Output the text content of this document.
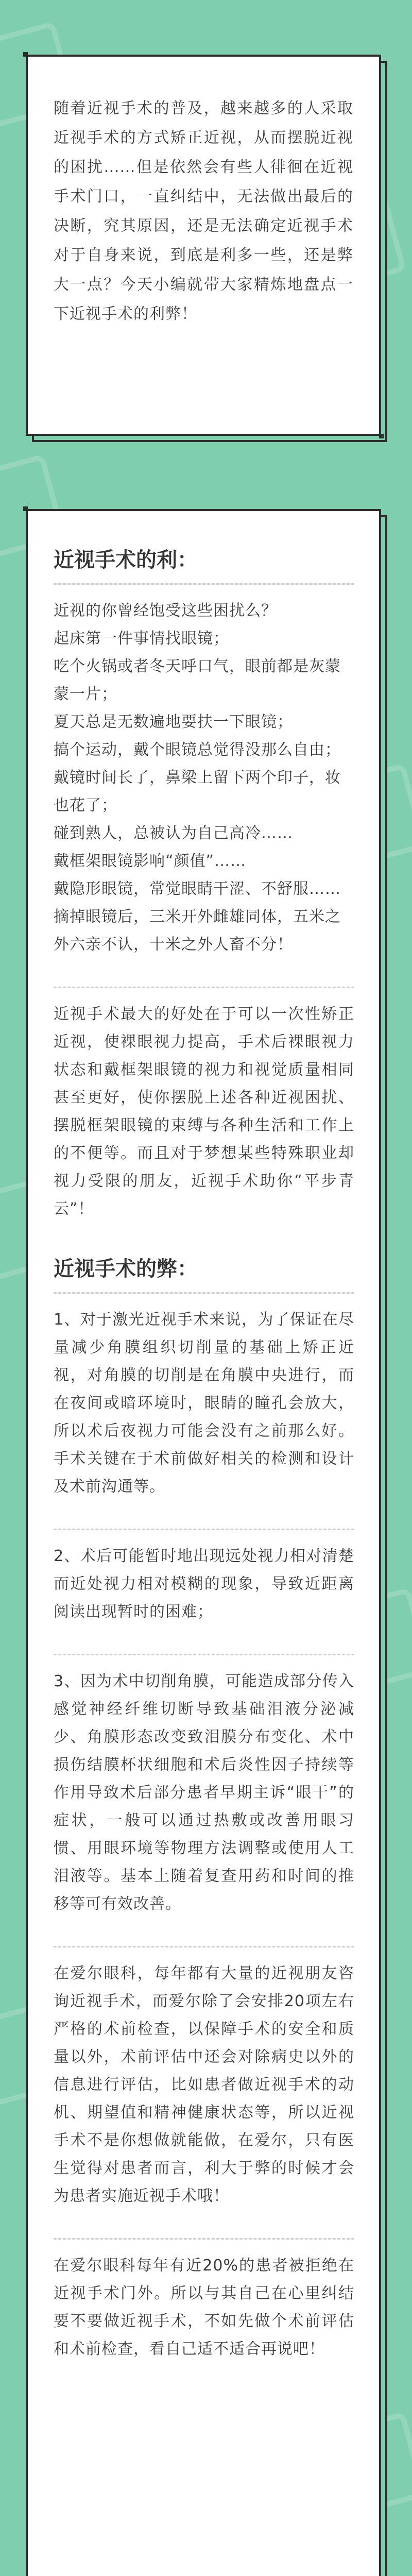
随着近视手术的普及，越来越多的人采取近视手术的方式矫正近视，从而摆脱近视的困扰……但是依然会有些人徘徊在近视手术门口，一直纠结中，无法做出最后的决断，究其原因，还是无法确定近视手术对于自身来说，到底是利多一些，还是弊大一点？今天小编就带大家精炼地盘点一下近视手术的利弊！

近视手术的利：

近视的你曾经饱受这些困扰么？

起床第一件事情找眼镜；

吃个火锅或者冬天呼口气，眼前都是灰蒙蒙一片；

夏天总是无数遍地要扶一下眼镜；

搞个运动，戴个眼镜总觉得没那么自由；

戴镜时间长了，鼻梁上留下两个印子，妆也花了；

碰到熟人，总被认为自己高冷……

戴框架眼镜影响“颜值”……

戴隐形眼镜，常觉眼睛干涩、不舒服……

摘掉眼镜后，三米开外雌雄同体，五米之外六亲不认，十米之外人畜不分！

近视手术最大的好处在于可以一次性矫正近视，使裸眼视力提高，手术后裸眼视力状态和戴框架眼镜的视力和视觉质量相同甚至更好，使你摆脱上述各种近视困扰、摆脱框架眼镜的束缚与各种生活和工作上的不便等。而且对于梦想某些特殊职业却视力受限的朋友，近视手术助你“平步青云”！

近视手术的弊：

1、对于激光近视手术来说，为了保证在尽量减少角膜组织切削量的基础上矫正近视，对角膜的切削是在角膜中央进行，而在夜间或暗环境时，眼睛的瞳孔会放大，所以术后夜视力可能会没有之前那么好。手术关键在于术前做好相关的检测和设计及术前沟通等。

2、术后可能暂时地出现远处视力相对清楚而近处视力相对模糊的现象，导致近距离阅读出现暂时的困难；

3、因为术中切削角膜，可能造成部分传入感觉神经纤维切断导致基础泪液分泌减少、角膜形态改变致泪膜分布变化、术中损伤结膜杯状细胞和术后炎性因子持续等作用导致术后部分患者早期主诉“眼干”的症状，一般可以通过热敷或改善用眼习惯、用眼环境等物理方法调整或使用人工泪液等。基本上随着复查用药和时间的推移等可有效改善。

在爱尔眼科，每年都有大量的近视朋友咨询近视手术，而爱尔除了会安排20项左右严格的术前检查，以保障手术的安全和质量以外，术前评估中还会对除病史以外的信息进行评估，比如患者做近视手术的动机、期望值和精神健康状态等，所以近视手术不是你想做就能做，在爱尔，只有医生觉得对患者而言，利大于弊的时候才会为患者实施近视手术哦！

在爱尔眼科每年有近20%的患者被拒绝在近视手术门外。所以与其自己在心里纠结要不要做近视手术，不如先做个术前评估和术前检查，看自己适不适合再说吧！
